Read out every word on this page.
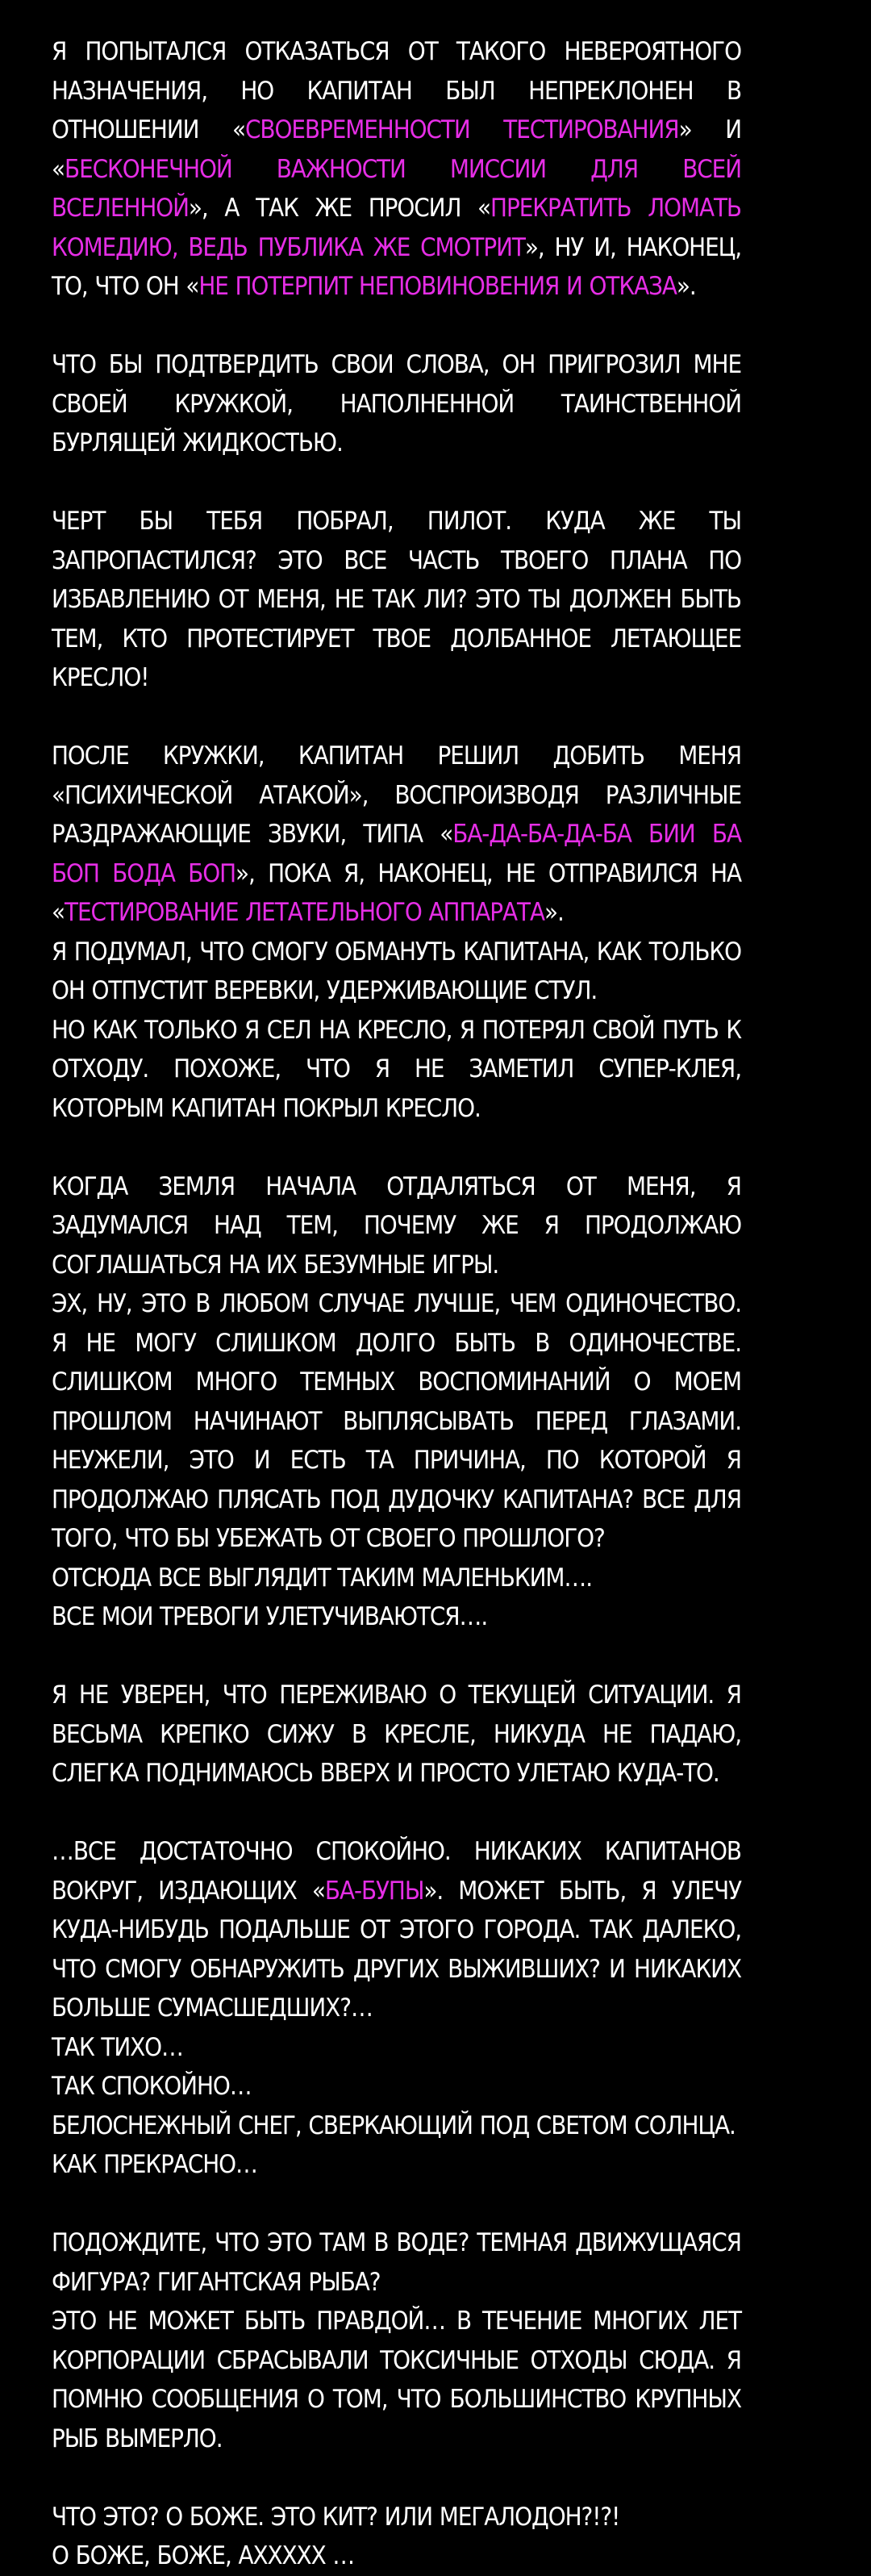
Я ПОПЫТАЛСЯ ОТКАЗАТЬСЯ ОТ ТАКОГО НЕВЕРОЯТНОГО НАЗНАЧЕНИЯ, НО КАПИТАН БЫЛ НЕПРЕКЛОНЕН В ОТНОШЕНИИ «СВОЕВРЕМЕННОСТИ ТЕСТИРОВАНИЯ» И «БЕСКОНЕЧНОЙ ВАЖНОСТИ МИССИИ ДЛЯ ВСЕЙ ВСЕЛЕННОЙ», А ТАК ЖЕ ПРОСИЛ «ПРЕКРАТИТЬ ЛОМАТЬ КОМЕДИЮ, ВЕДЬ ПУБЛИКА ЖЕ СМОТРИТ», НУ И, НАКОНЕЦ, ТО, ЧТО ОН «НЕ ПОТЕРПИТ НЕПОВИНОВЕНИЯ И ОТКАЗА».

ЧТО БЫ ПОДТВЕРДИТЬ СВОИ СЛОВА, ОН ПРИГРОЗИЛ МНЕ СВОЕЙ КРУЖКОЙ, НАПОЛНЕННОЙ ТАИНСТВЕННОЙ БУРЛЯЩЕЙ ЖИДКОСТЬЮ.

ЧЕРТ БЫ ТЕБЯ ПОБРАЛ, ПИЛОТ. КУДА ЖЕ ТЫ ЗАПРОПАСТИЛСЯ? ЭТО ВСЕ ЧАСТЬ ТВОЕГО ПЛАНА ПО ИЗБАВЛЕНИЮ ОТ МЕНЯ, НЕ ТАК ЛИ? ЭТО ТЫ ДОЛЖЕН БЫТЬ ТЕМ, КТО ПРОТЕСТИРУЕТ ТВОЕ ДОЛБАННОЕ ЛЕТАЮЩЕЕ КРЕСЛО!

ПОСЛЕ КРУЖКИ, КАПИТАН РЕШИЛ ДОБИТЬ МЕНЯ «ПСИХИЧЕСКОЙ АТАКОЙ», ВОСПРОИЗВОДЯ РАЗЛИЧНЫЕ РАЗДРАЖАЮЩИЕ ЗВУКИ, ТИПА «БА-ДА-БА-ДА-БА БИИ БА БОП БОДА БОП», ПОКА Я, НАКОНЕЦ, НЕ ОТПРАВИЛСЯ НА «ТЕСТИРОВАНИЕ ЛЕТАТЕЛЬНОГО АППАРАТА».

Я ПОДУМАЛ, ЧТО СМОГУ ОБМАНУТЬ КАПИТАНА, КАК ТОЛЬКО ОН ОТПУСТИТ ВЕРЕВКИ, УДЕРЖИВАЮЩИЕ СТУЛ.

НО КАК ТОЛЬКО Я СЕЛ НА КРЕСЛО, Я ПОТЕРЯЛ СВОЙ ПУТЬ К ОТХОДУ. ПОХОЖЕ, ЧТО Я НЕ ЗАМЕТИЛ СУПЕР-КЛЕЯ, КОТОРЫМ КАПИТАН ПОКРЫЛ КРЕСЛО.

КОГДА ЗЕМЛЯ НАЧАЛА ОТДАЛЯТЬСЯ ОТ МЕНЯ, Я ЗАДУМАЛСЯ НАД ТЕМ, ПОЧЕМУ ЖЕ Я ПРОДОЛЖАЮ СОГЛАШАТЬСЯ НА ИХ БЕЗУМНЫЕ ИГРЫ.

ЭХ, НУ, ЭТО В ЛЮБОМ СЛУЧАЕ ЛУЧШЕ, ЧЕМ ОДИНОЧЕСТВО. Я НЕ МОГУ СЛИШКОМ ДОЛГО БЫТЬ В ОДИНОЧЕСТВЕ. СЛИШКОМ МНОГО ТЕМНЫХ ВОСПОМИНАНИЙ О МОЕМ ПРОШЛОМ НАЧИНАЮТ ВЫПЛЯСЫВАТЬ ПЕРЕД ГЛАЗАМИ. НЕУЖЕЛИ, ЭТО И ЕСТЬ ТА ПРИЧИНА, ПО КОТОРОЙ Я ПРОДОЛЖАЮ ПЛЯСАТЬ ПОД ДУДОЧКУ КАПИТАНА? ВСЕ ДЛЯ ТОГО, ЧТО БЫ УБЕЖАТЬ ОТ СВОЕГО ПРОШЛОГО?

ОТСЮДА ВСЕ ВЫГЛЯДИТ ТАКИМ МАЛЕНЬКИМ….

ВСЕ МОИ ТРЕВОГИ УЛЕТУЧИВАЮТСЯ….

Я НЕ УВЕРЕН, ЧТО ПЕРЕЖИВАЮ О ТЕКУЩЕЙ СИТУАЦИИ. Я ВЕСЬМА КРЕПКО СИЖУ В КРЕСЛЕ, НИКУДА НЕ ПАДАЮ, СЛЕГКА ПОДНИМАЮСЬ ВВЕРХ И ПРОСТО УЛЕТАЮ КУДА-ТО.

…ВСЕ ДОСТАТОЧНО СПОКОЙНО. НИКАКИХ КАПИТАНОВ ВОКРУГ, ИЗДАЮЩИХ «БА-БУПЫ». МОЖЕТ БЫТЬ, Я УЛЕЧУ КУДА-НИБУДЬ ПОДАЛЬШЕ ОТ ЭТОГО ГОРОДА. ТАК ДАЛЕКО, ЧТО СМОГУ ОБНАРУЖИТЬ ДРУГИХ ВЫЖИВШИХ? И НИКАКИХ БОЛЬШЕ СУМАСШЕДШИХ?…

ТАК ТИХО…

ТАК СПОКОЙНО…

БЕЛОСНЕЖНЫЙ СНЕГ, СВЕРКАЮЩИЙ ПОД СВЕТОМ СОЛНЦА.

КАК ПРЕКРАСНО…

ПОДОЖДИТЕ, ЧТО ЭТО ТАМ В ВОДЕ? ТЕМНАЯ ДВИЖУЩАЯСЯ ФИГУРА? ГИГАНТСКАЯ РЫБА?

ЭТО НЕ МОЖЕТ БЫТЬ ПРАВДОЙ… В ТЕЧЕНИЕ МНОГИХ ЛЕТ КОРПОРАЦИИ СБРАСЫВАЛИ ТОКСИЧНЫЕ ОТХОДЫ СЮДА. Я ПОМНЮ СООБЩЕНИЯ О ТОМ, ЧТО БОЛЬШИНСТВО КРУПНЫХ РЫБ ВЫМЕРЛО.

ЧТО ЭТО? О БОЖЕ. ЭТО КИТ? ИЛИ МЕГАЛОДОН?!?!

О БОЖЕ, БОЖЕ, АХХХХХ …
